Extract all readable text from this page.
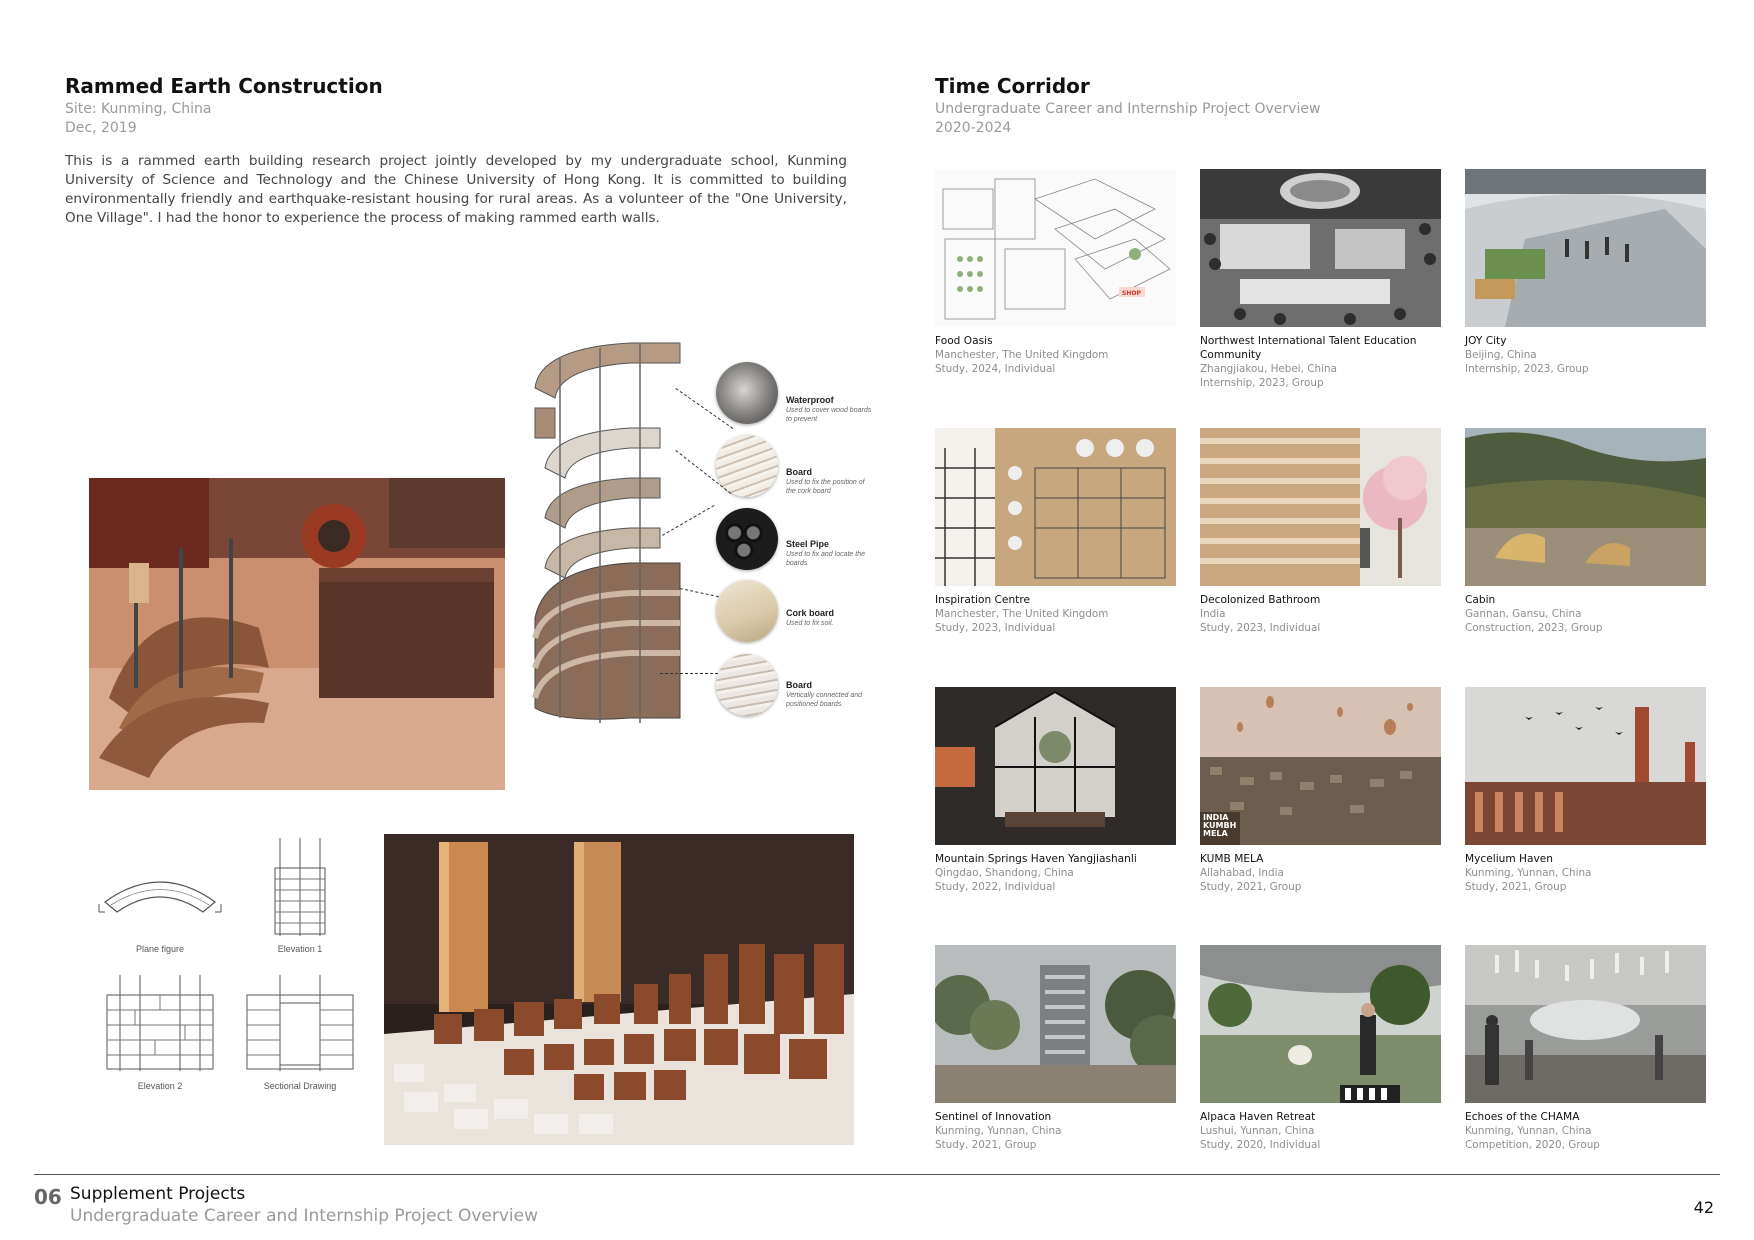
Rammed Earth Construction
Site: Kunming, China
Dec, 2019
This is a rammed earth building research project jointly developed by my undergraduate school, Kunming University of Science and Technology and the Chinese University of Hong Kong. It is committed to building environmentally friendly and earthquake-resistant housing for rural areas. As a volunteer of the "One University, One Village". I had the honor to experience the process of making rammed earth walls.
Waterproof
Used to cover wood boards to prevent
Board
Used to fix the position of the cork board
Steel Pipe
Used to fix and locate the boards
Cork board
Used to fix soil.
Board
Vertically connected and positioned boards.
Plane figure	Elevation 1
Elevation 2	Sectional Drawing
Time Corridor
Undergraduate Career and Internship Project Overview
2020-2024
SHOP
Food Oasis
Manchester, The United Kingdom
Study, 2024, Individual
Northwest International Talent Education Community
Zhangjiakou, Hebei, China
Internship, 2023, Group
JOY City
Beijing, China
Internship, 2023, Group
Inspiration Centre
Manchester, The United Kingdom
Study, 2023, Individual
Decolonized Bathroom
India
Study, 2023, Individual
Cabin
Gannan, Gansu, China
Construction, 2023, Group
Mountain Springs Haven Yangjiashanli
Qingdao, Shandong, China
Study, 2022, Individual
INDIA
KUMBH
MELA
KUMB MELA
Allahabad, India
Study, 2021, Group
Mycelium Haven
Kunming, Yunnan, China
Study, 2021, Group
Sentinel of Innovation
Kunming, Yunnan, China
Study, 2021, Group
Alpaca Haven Retreat
Lushui, Yunnan, China
Study, 2020, Individual
Echoes of the CHAMA
Kunming, Yunnan, China
Competition, 2020, Group
06 Supplement Projects
Undergraduate Career and Internship Project Overview	42
